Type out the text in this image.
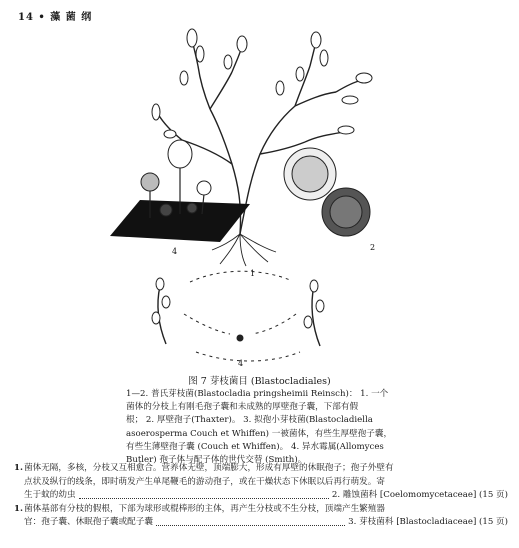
14 • 藻 菌 纲
1
2
4
4
图 7 芽枝菌目 (Blastocladiales)
1—2. 普氏芽枝菌(Blastocladia pringsheimii Reinsch)： 1. 一个
菌体的分枝上有刚毛孢子囊和未成熟的厚壁孢子囊，下部有假
根； 2. 厚壁孢子(Thaxter)。 3. 拟孢小芽枝菌(Blastocladiella
asoerosperma Couch et Whiffen) 一被菌体，有些生厚壁孢子囊，
有些生薄壁孢子囊 (Couch et Whiffen)。 4. 异水霉属(Allomyces
Butler) 孢子体与配子体的世代交替 (Smith)。
1. 菌体无隔，多核，分枝又互相愈合。营养体无壁，顶端膨大，形成有厚壁的休眠孢子；孢子外壁有
点状及纵行的线条，即时萌发产生单尾鞭毛的游动孢子，或在干燥状态下休眠以后再行萌发。寄
生于蚊的幼虫	2. 雕蚀菌科 [Coelomomycetaceae] (15 页)
1. 菌体基部有分枝的假根，下部为球形或棍棒形的主体，再产生分枝或不生分枝，顶端产生繁殖器
官：孢子囊、休眠孢子囊或配子囊	3. 芽枝菌科 [Blastocladiaceae] (15 页)
